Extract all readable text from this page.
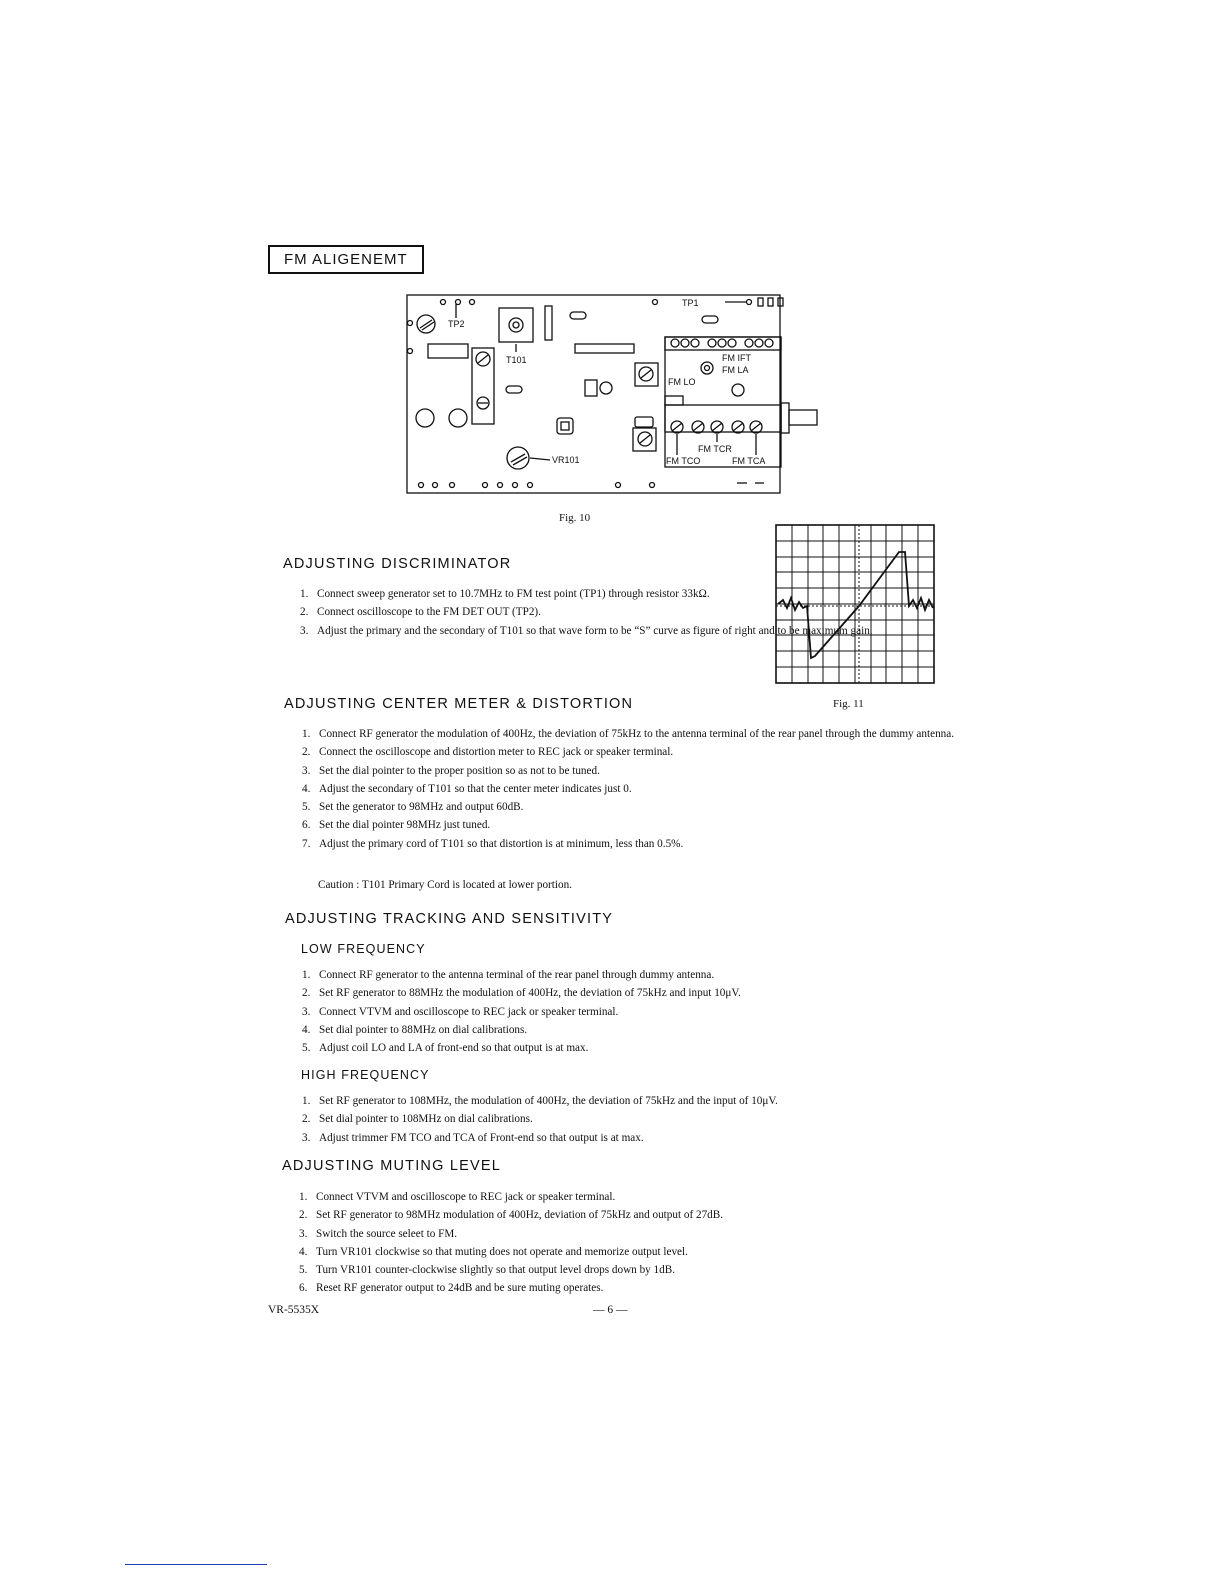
FM ALIGENEMT
TP2
T101
VR101
TP1
FM IFT
FM LA
FM LO
FM TCR
FM TCO	FM TCA
Fig. 10
Fig. 11
ADJUSTING DISCRIMINATOR
1. Connect sweep generator set to 10.7MHz to FM test point (TP1) through resistor 33kΩ.
2. Connect oscilloscope to the FM DET OUT (TP2).
3. Adjust the primary and the secondary of T101 so that wave form to be “S” curve as figure of right and to be maximum gain.
ADJUSTING CENTER METER & DISTORTION
1. Connect RF generator the modulation of 400Hz, the deviation of 75kHz to the antenna terminal of the rear panel through the dummy antenna.
2. Connect the oscilloscope and distortion meter to REC jack or speaker terminal.
3. Set the dial pointer to the proper position so as not to be tuned.
4. Adjust the secondary of T101 so that the center meter indicates just 0.
5. Set the generator to 98MHz and output 60dB.
6. Set the dial pointer 98MHz just tuned.
7. Adjust the primary cord of T101 so that distortion is at minimum, less than 0.5%.
Caution : T101 Primary Cord is located at lower portion.
ADJUSTING TRACKING AND SENSITIVITY
LOW FREQUENCY
1. Connect RF generator to the antenna terminal of the rear panel through dummy antenna.
2. Set RF generator to 88MHz the modulation of 400Hz, the deviation of 75kHz and input 10μV.
3. Connect VTVM and oscilloscope to REC jack or speaker terminal.
4. Set dial pointer to 88MHz on dial calibrations.
5. Adjust coil LO and LA of front-end so that output is at max.
HIGH FREQUENCY
1. Set RF generator to 108MHz, the modulation of 400Hz, the deviation of 75kHz and the input of 10μV.
2. Set dial pointer to 108MHz on dial calibrations.
3. Adjust trimmer FM TCO and TCA of Front-end so that output is at max.
ADJUSTING MUTING LEVEL
1. Connect VTVM and oscilloscope to REC jack or speaker terminal.
2. Set RF generator to 98MHz modulation of 400Hz, deviation of 75kHz and output of 27dB.
3. Switch the source seleet to FM.
4. Turn VR101 clockwise so that muting does not operate and memorize output level.
5. Turn VR101 counter-clockwise slightly so that output level drops down by 1dB.
6. Reset RF generator output to 24dB and be sure muting operates.
VR-5535X	— 6 —
